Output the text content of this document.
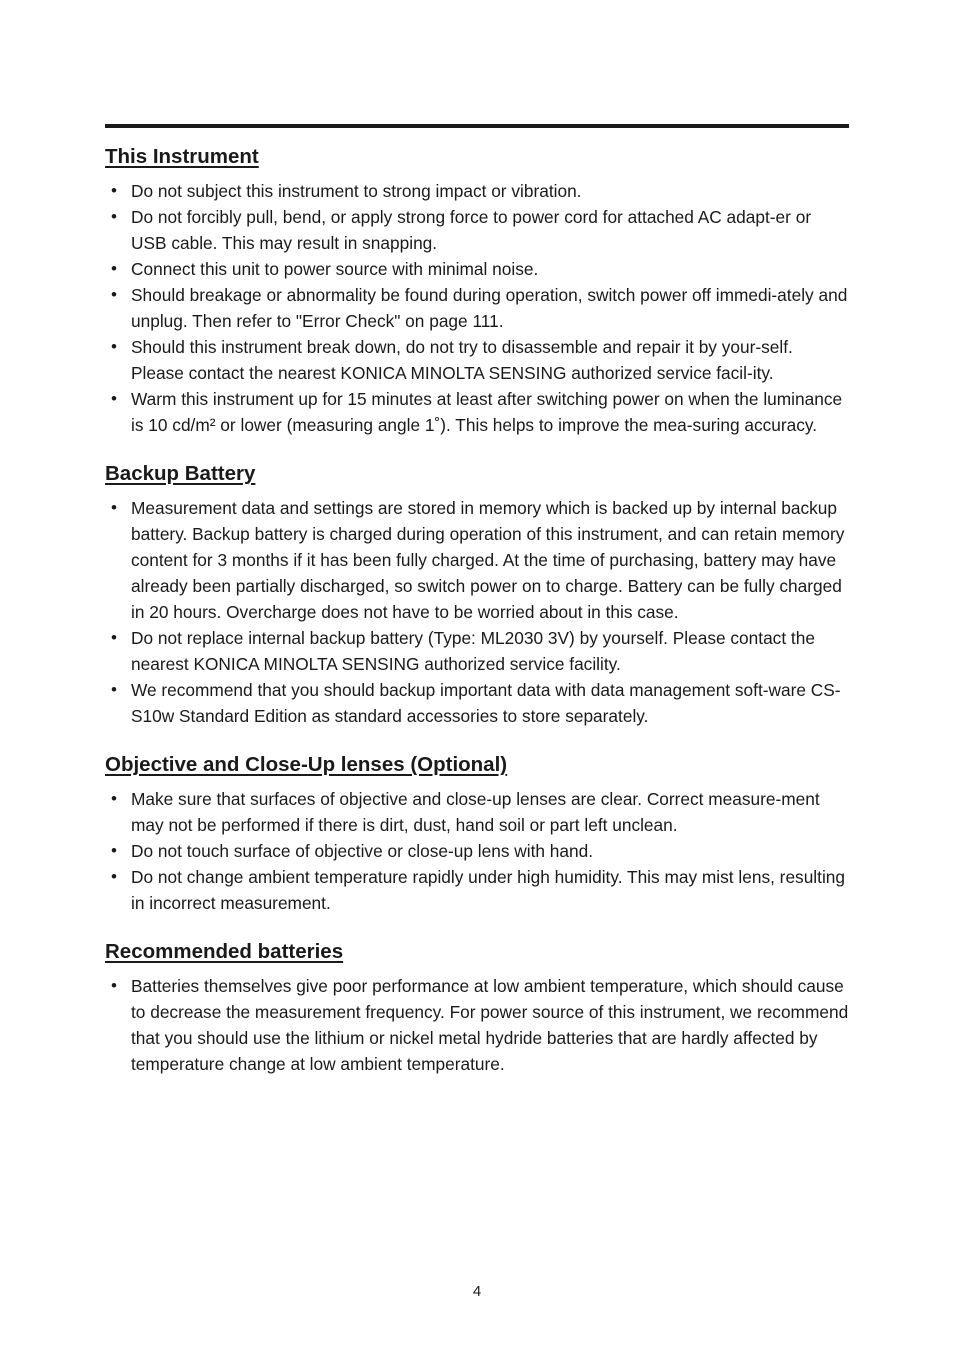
This Instrument
• Do not subject this instrument to strong impact or vibration.
• Do not forcibly pull, bend, or apply strong force to power cord for attached AC adapt-er or USB cable. This may result in snapping.
• Connect this unit to power source with minimal noise.
• Should breakage or abnormality be found during operation, switch power off immedi-ately and unplug. Then refer to "Error Check" on page 111.
• Should this instrument break down, do not try to disassemble and repair it by your-self. Please contact the nearest KONICA MINOLTA SENSING authorized service facil-ity.
• Warm this instrument up for 15 minutes at least after switching power on when the luminance is 10 cd/m² or lower (measuring angle 1˚). This helps to improve the mea-suring accuracy.
Backup Battery
• Measurement data and settings are stored in memory which is backed up by internal backup battery. Backup battery is charged during operation of this instrument, and can retain memory content for 3 months if it has been fully charged. At the time of purchasing, battery may have already been partially discharged, so switch power on to charge. Battery can be fully charged in 20 hours. Overcharge does not have to be worried about in this case.
• Do not replace internal backup battery (Type: ML2030 3V) by yourself. Please contact the nearest KONICA MINOLTA SENSING authorized service facility.
• We recommend that you should backup important data with data management soft-ware CS-S10w Standard Edition as standard accessories to store separately.
Objective and Close-Up lenses (Optional)
• Make sure that surfaces of objective and close-up lenses are clear. Correct measure-ment may not be performed if there is dirt, dust, hand soil or part left unclean.
• Do not touch surface of objective or close-up lens with hand.
• Do not change ambient temperature rapidly under high humidity. This may mist lens, resulting in incorrect measurement.
Recommended batteries
• Batteries themselves give poor performance at low ambient temperature, which should cause to decrease the measurement frequency. For power source of this instrument, we recommend that you should use the lithium or nickel metal hydride batteries that are hardly affected by temperature change at low ambient temperature.
4
